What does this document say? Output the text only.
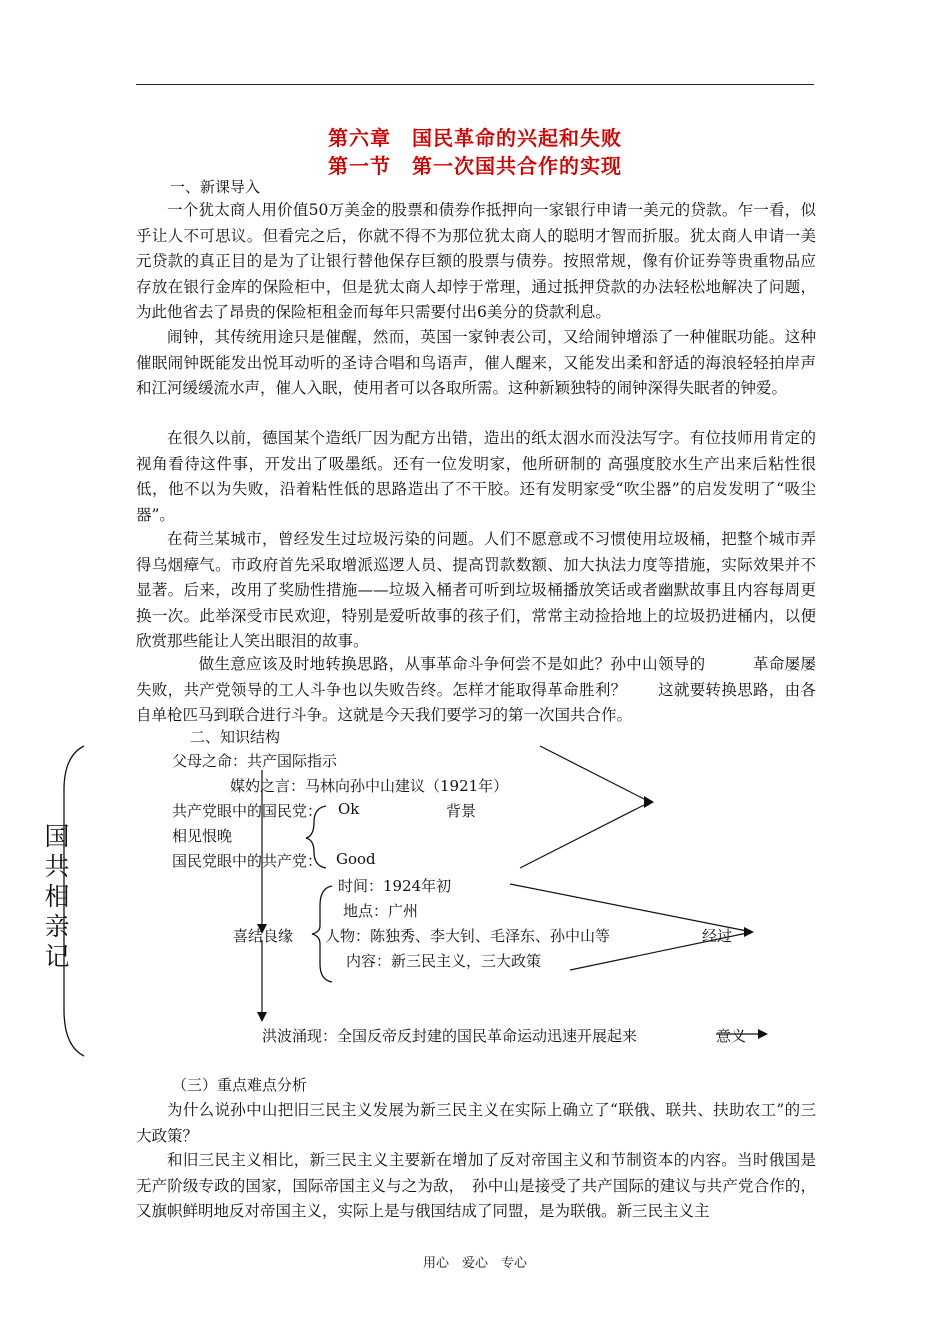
第六章　国民革命的兴起和失败
第一节　第一次国共合作的实现
一、新课导入

一个犹太商人用价值50万美金的股票和债券作抵押向一家银行申请一美元的贷款。乍一看，似乎让人不可思议。但看完之后，你就不得不为那位犹太商人的聪明才智而折服。犹太商人申请一美元贷款的真正目的是为了让银行替他保存巨额的股票与债券。按照常规，像有价证券等贵重物品应存放在银行金库的保险柜中，但是犹太商人却悖于常理，通过抵押贷款的办法轻松地解决了问题，为此他省去了昂贵的保险柜租金而每年只需要付出6美分的贷款利息。

闹钟，其传统用途只是催醒，然而，英国一家钟表公司，又给闹钟增添了一种催眠功能。这种催眠闹钟既能发出悦耳动听的圣诗合唱和鸟语声，催人醒来，又能发出柔和舒适的海浪轻轻拍岸声和江河缓缓流水声，催人入眠，使用者可以各取所需。这种新颖独特的闹钟深得失眠者的钟爱。

在很久以前，德国某个造纸厂因为配方出错，造出的纸太洇水而没法写字。有位技师用肯定的视角看待这件事，开发出了吸墨纸。还有一位发明家，他所研制的 高强度胶水生产出来后粘性很低，他不以为失败，沿着粘性低的思路造出了不干胶。还有发明家受“吹尘器”的启发发明了“吸尘器”。

在荷兰某城市，曾经发生过垃圾污染的问题。人们不愿意或不习惯使用垃圾桶，把整个城市弄得乌烟瘴气。市政府首先采取增派巡逻人员、提高罚款数额、加大执法力度等措施，实际效果并不显著。后来，改用了奖励性措施——垃圾入桶者可听到垃圾桶播放笑话或者幽默故事且内容每周更换一次。此举深受市民欢迎，特别是爱听故事的孩子们，常常主动捡拾地上的垃圾扔进桶内，以便欣赏那些能让人笑出眼泪的故事。

　　做生意应该及时地转换思路，从事革命斗争何尝不是如此？孙中山领导的　　　革命屡屡失败，共产党领导的工人斗争也以失败告终。怎样才能取得革命胜利？　　这就要转换思路，由各自单枪匹马到联合进行斗争。这就是今天我们要学习的第一次国共合作。

二、知识结构
国
共
相
亲
记
父母之命：共产国际指示
媒妁之言：马林向孙中山建议（1921年）
共产党眼中的国民党： Ok	背景
相见恨晚
国民党眼中的共产党： Good
时间：1924年初
地点：广州
喜结良缘 人物：陈独秀、李大钊、毛泽东、孙中山等	经过
内容：新三民主义，三大政策
洪波涌现：全国反帝反封建的国民革命运动迅速开展起来	意义
（三）重点难点分析

为什么说孙中山把旧三民主义发展为新三民主义在实际上确立了“联俄、联共、扶助农工”的三大政策？

和旧三民主义相比，新三民主义主要新在增加了反对帝国主义和节制资本的内容。当时俄国是无产阶级专政的国家，国际帝国主义与之为敌，　孙中山是接受了共产国际的建议与共产党合作的，又旗帜鲜明地反对帝国主义，实际上是与俄国结成了同盟，是为联俄。新三民主义主

用心　爱心　专心
